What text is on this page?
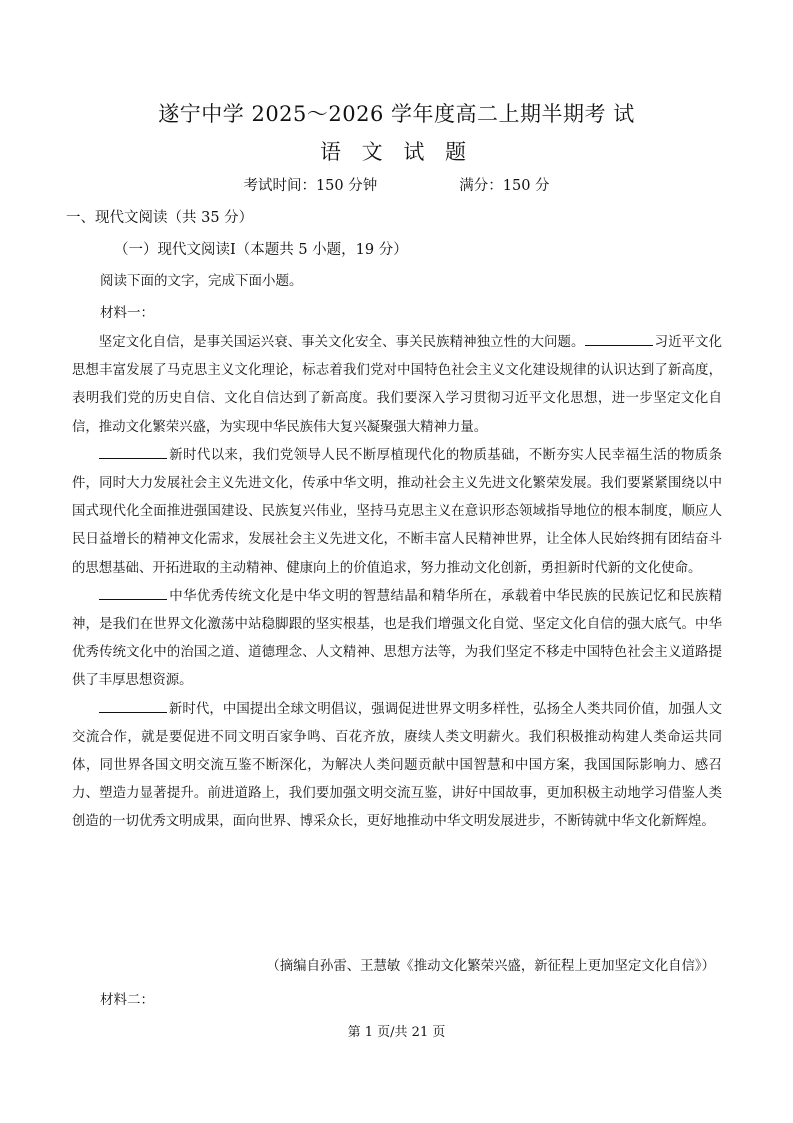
遂宁中学 2025～2026 学年度高二上期半期考 试
语 文 试 题
考试时间：150 分钟	满分：150 分
一、现代文阅读（共 35 分）
（一）现代文阅读Ⅰ（本题共 5 小题，19 分）
阅读下面的文字，完成下面小题。
材料一：

坚定文化自信，是事关国运兴衰、事关文化安全、事关民族精神独立性的大问题。	习近平文化思想丰富发展了马克思主义文化理论，标志着我们党对中国特色社会主义文化建设规律的认识达到了新高度，表明我们党的历史自信、文化自信达到了新高度。我们要深入学习贯彻习近平文化思想，进一步坚定文化自信，推动文化繁荣兴盛，为实现中华民族伟大复兴凝聚强大精神力量。

新时代以来，我们党领导人民不断厚植现代化的物质基础，不断夯实人民幸福生活的物质条件，同时大力发展社会主义先进文化，传承中华文明，推动社会主义先进文化繁荣发展。我们要紧紧围绕以中国式现代化全面推进强国建设、民族复兴伟业，坚持马克思主义在意识形态领域指导地位的根本制度，顺应人民日益增长的精神文化需求，发展社会主义先进文化，不断丰富人民精神世界，让全体人民始终拥有团结奋斗的思想基础、开拓进取的主动精神、健康向上的价值追求，努力推动文化创新，勇担新时代新的文化使命。

中华优秀传统文化是中华文明的智慧结晶和精华所在，承载着中华民族的民族记忆和民族精神，是我们在世界文化激荡中站稳脚跟的坚实根基，也是我们增强文化自觉、坚定文化自信的强大底气。中华优秀传统文化中的治国之道、道德理念、人文精神、思想方法等，为我们坚定不移走中国特色社会主义道路提供了丰厚思想资源。

新时代，中国提出全球文明倡议，强调促进世界文明多样性，弘扬全人类共同价值，加强人文交流合作，就是要促进不同文明百家争鸣、百花齐放，赓续人类文明薪火。我们积极推动构建人类命运共同体，同世界各国文明交流互鉴不断深化，为解决人类问题贡献中国智慧和中国方案，我国国际影响力、感召力、塑造力显著提升。前进道路上，我们要加强文明交流互鉴，讲好中国故事，更加积极主动地学习借鉴人类创造的一切优秀文明成果，面向世界、博采众长，更好地推动中华文明发展进步，不断铸就中华文化新辉煌。

（摘编自孙雷、王慧敏《推动文化繁荣兴盛，新征程上更加坚定文化自信》）
材料二：
第 1 页/共 21 页
